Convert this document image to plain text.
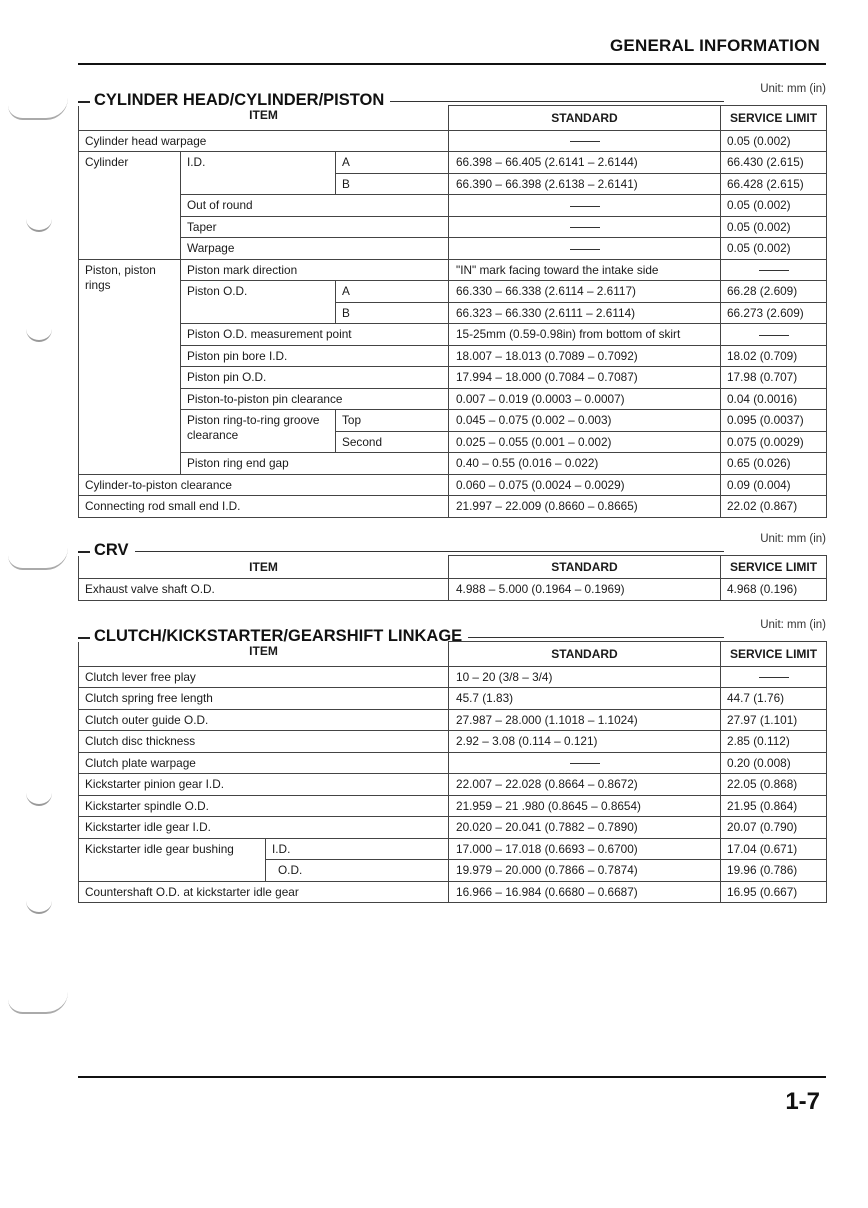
GENERAL INFORMATION
Unit: mm (in)
CYLINDER HEAD/CYLINDER/PISTON
ITEM			STANDARD	SERVICE LIMIT
Cylinder head warpage				0.05 (0.002)
Cylinder	I.D.	A	66.398 – 66.405 (2.6141 – 2.6144)	66.430 (2.615)
		B	66.390 – 66.398 (2.6138 – 2.6141)	66.428 (2.615)
	Out of round			0.05 (0.002)
	Taper			0.05 (0.002)
	Warpage			0.05 (0.002)
Piston, piston rings	Piston mark direction		"IN" mark facing toward the intake side	
	Piston O.D.	A	66.330 – 66.338 (2.6114 – 2.6117)	66.28 (2.609)
		B	66.323 – 66.330 (2.6111 – 2.6114)	66.273 (2.609)
	Piston O.D. measurement point		15-25mm (0.59-0.98in) from bottom of skirt	
	Piston pin bore I.D.		18.007 – 18.013 (0.7089 – 0.7092)	18.02 (0.709)
	Piston pin O.D.		17.994 – 18.000 (0.7084 – 0.7087)	17.98 (0.707)
	Piston-to-piston pin clearance		0.007 – 0.019 (0.0003 – 0.0007)	0.04 (0.0016)
	Piston ring-to-ring groove clearance	Top	0.045 – 0.075 (0.002 – 0.003)	0.095 (0.0037)
		Second	0.025 – 0.055 (0.001 – 0.002)	0.075 (0.0029)
	Piston ring end gap		0.40 – 0.55 (0.016 – 0.022)	0.65 (0.026)
Cylinder-to-piston clearance			0.060 – 0.075 (0.0024 – 0.0029)	0.09 (0.004)
Connecting rod small end I.D.			21.997 – 22.009 (0.8660 – 0.8665)	22.02 (0.867)
Unit: mm (in)
CRV
ITEM	STANDARD	SERVICE LIMIT
Exhaust valve shaft O.D.	4.988 – 5.000 (0.1964 – 0.1969)	4.968 (0.196)
Unit: mm (in)
CLUTCH/KICKSTARTER/GEARSHIFT LINKAGE
ITEM		STANDARD	SERVICE LIMIT
Clutch lever free play		10 – 20 (3/8 – 3/4)	
Clutch spring free length		45.7 (1.83)	44.7 (1.76)
Clutch outer guide O.D.		27.987 – 28.000 (1.1018 – 1.1024)	27.97 (1.101)
Clutch disc thickness		2.92 – 3.08 (0.114 – 0.121)	2.85 (0.112)
Clutch plate warpage			0.20 (0.008)
Kickstarter pinion gear I.D.		22.007 – 22.028 (0.8664 – 0.8672)	22.05 (0.868)
Kickstarter spindle O.D.		21.959 – 21 .980 (0.8645 – 0.8654)	21.95 (0.864)
Kickstarter idle gear I.D.		20.020 – 20.041 (0.7882 – 0.7890)	20.07 (0.790)
Kickstarter idle gear bushing	I.D.	17.000 – 17.018 (0.6693 – 0.6700)	17.04 (0.671)
	O.D.	19.979 – 20.000 (0.7866 – 0.7874)	19.96 (0.786)
Countershaft O.D. at kickstarter idle gear		16.966 – 16.984 (0.6680 – 0.6687)	16.95 (0.667)
1-7
